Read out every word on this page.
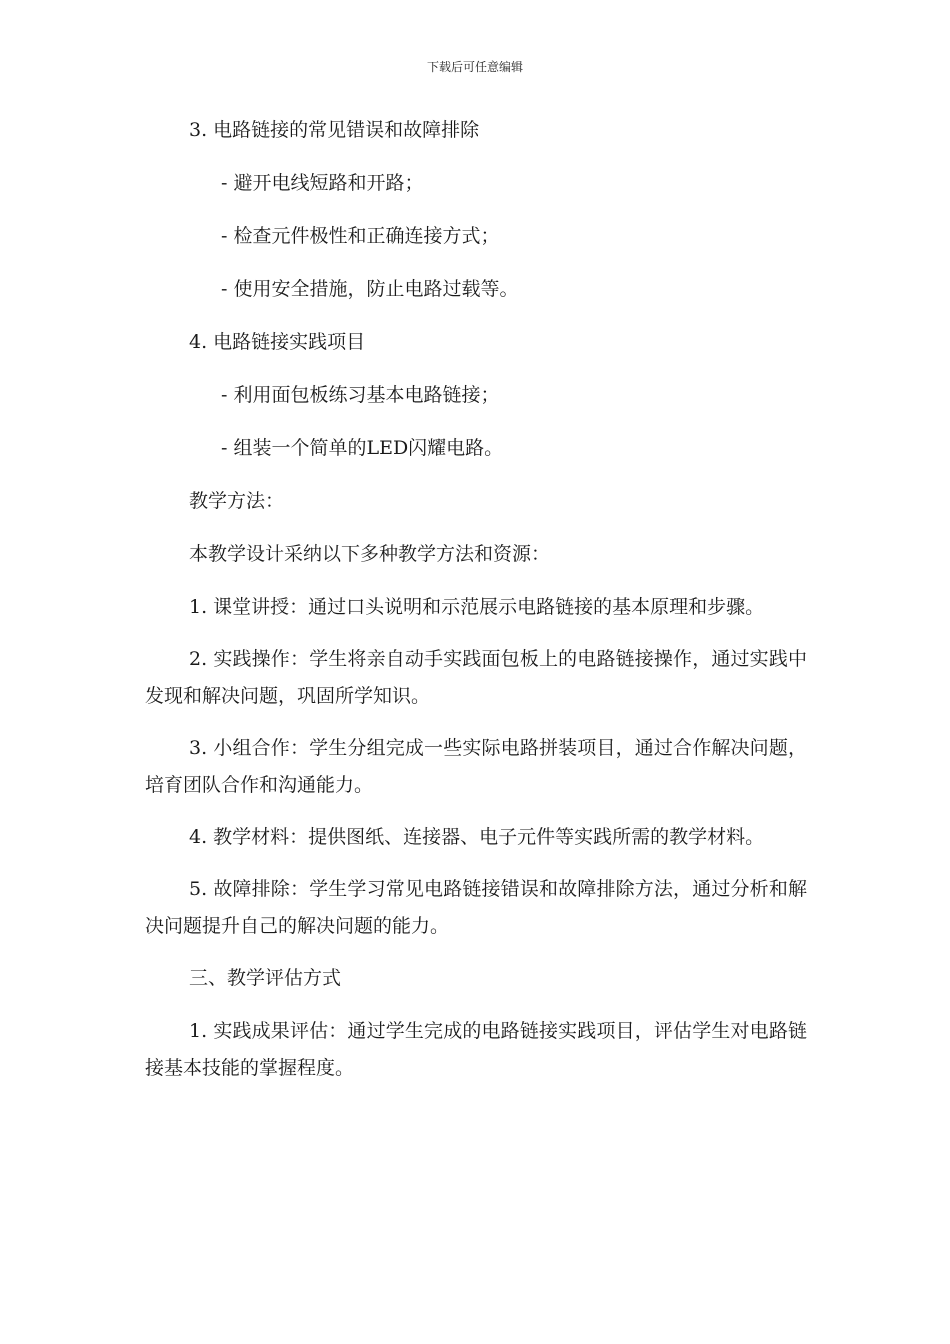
下载后可任意编辑
3. 电路链接的常见错误和故障排除
- 避开电线短路和开路；
- 检查元件极性和正确连接方式；
- 使用安全措施，防止电路过载等。
4. 电路链接实践项目
- 利用面包板练习基本电路链接；
- 组装一个简单的LED闪耀电路。
教学方法：
本教学设计采纳以下多种教学方法和资源：
1. 课堂讲授：通过口头说明和示范展示电路链接的基本原理和步骤。
2. 实践操作：学生将亲自动手实践面包板上的电路链接操作，通过实践中发现和解决问题，巩固所学知识。
3. 小组合作：学生分组完成一些实际电路拼装项目，通过合作解决问题，培育团队合作和沟通能力。
4. 教学材料：提供图纸、连接器、电子元件等实践所需的教学材料。
5. 故障排除：学生学习常见电路链接错误和故障排除方法，通过分析和解决问题提升自己的解决问题的能力。
三、教学评估方式
1. 实践成果评估：通过学生完成的电路链接实践项目，评估学生对电路链接基本技能的掌握程度。
